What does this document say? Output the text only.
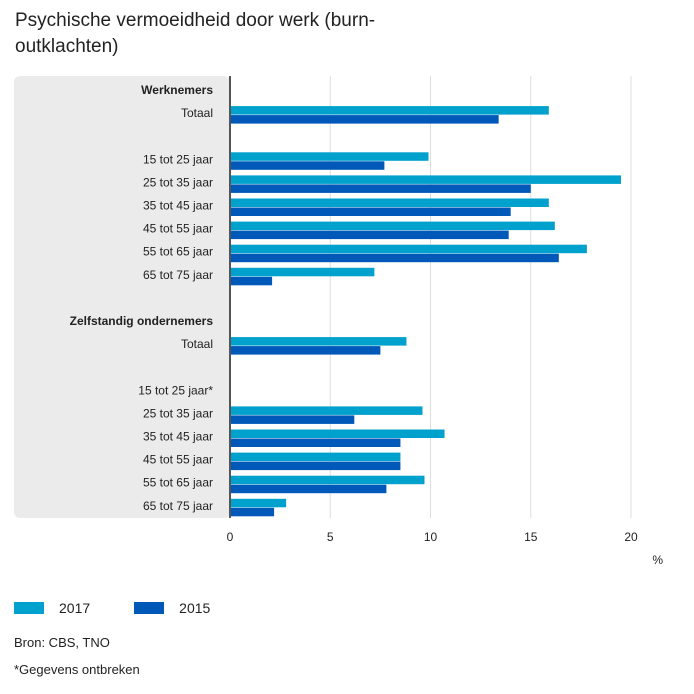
Psychische vermoeidheid door werk (burn-outklachten)
Werknemers
Totaal
15 tot 25 jaar
25 tot 35 jaar
35 tot 45 jaar
45 tot 55 jaar
55 tot 65 jaar
65 tot 75 jaar
Zelfstandig ondernemers
Totaal
15 tot 25 jaar*
25 tot 35 jaar
35 tot 45 jaar
45 tot 55 jaar
55 tot 65 jaar
65 tot 75 jaar
0	5	10	15	20
%
2017	2015
Bron: CBS, TNO
*Gegevens ontbreken
